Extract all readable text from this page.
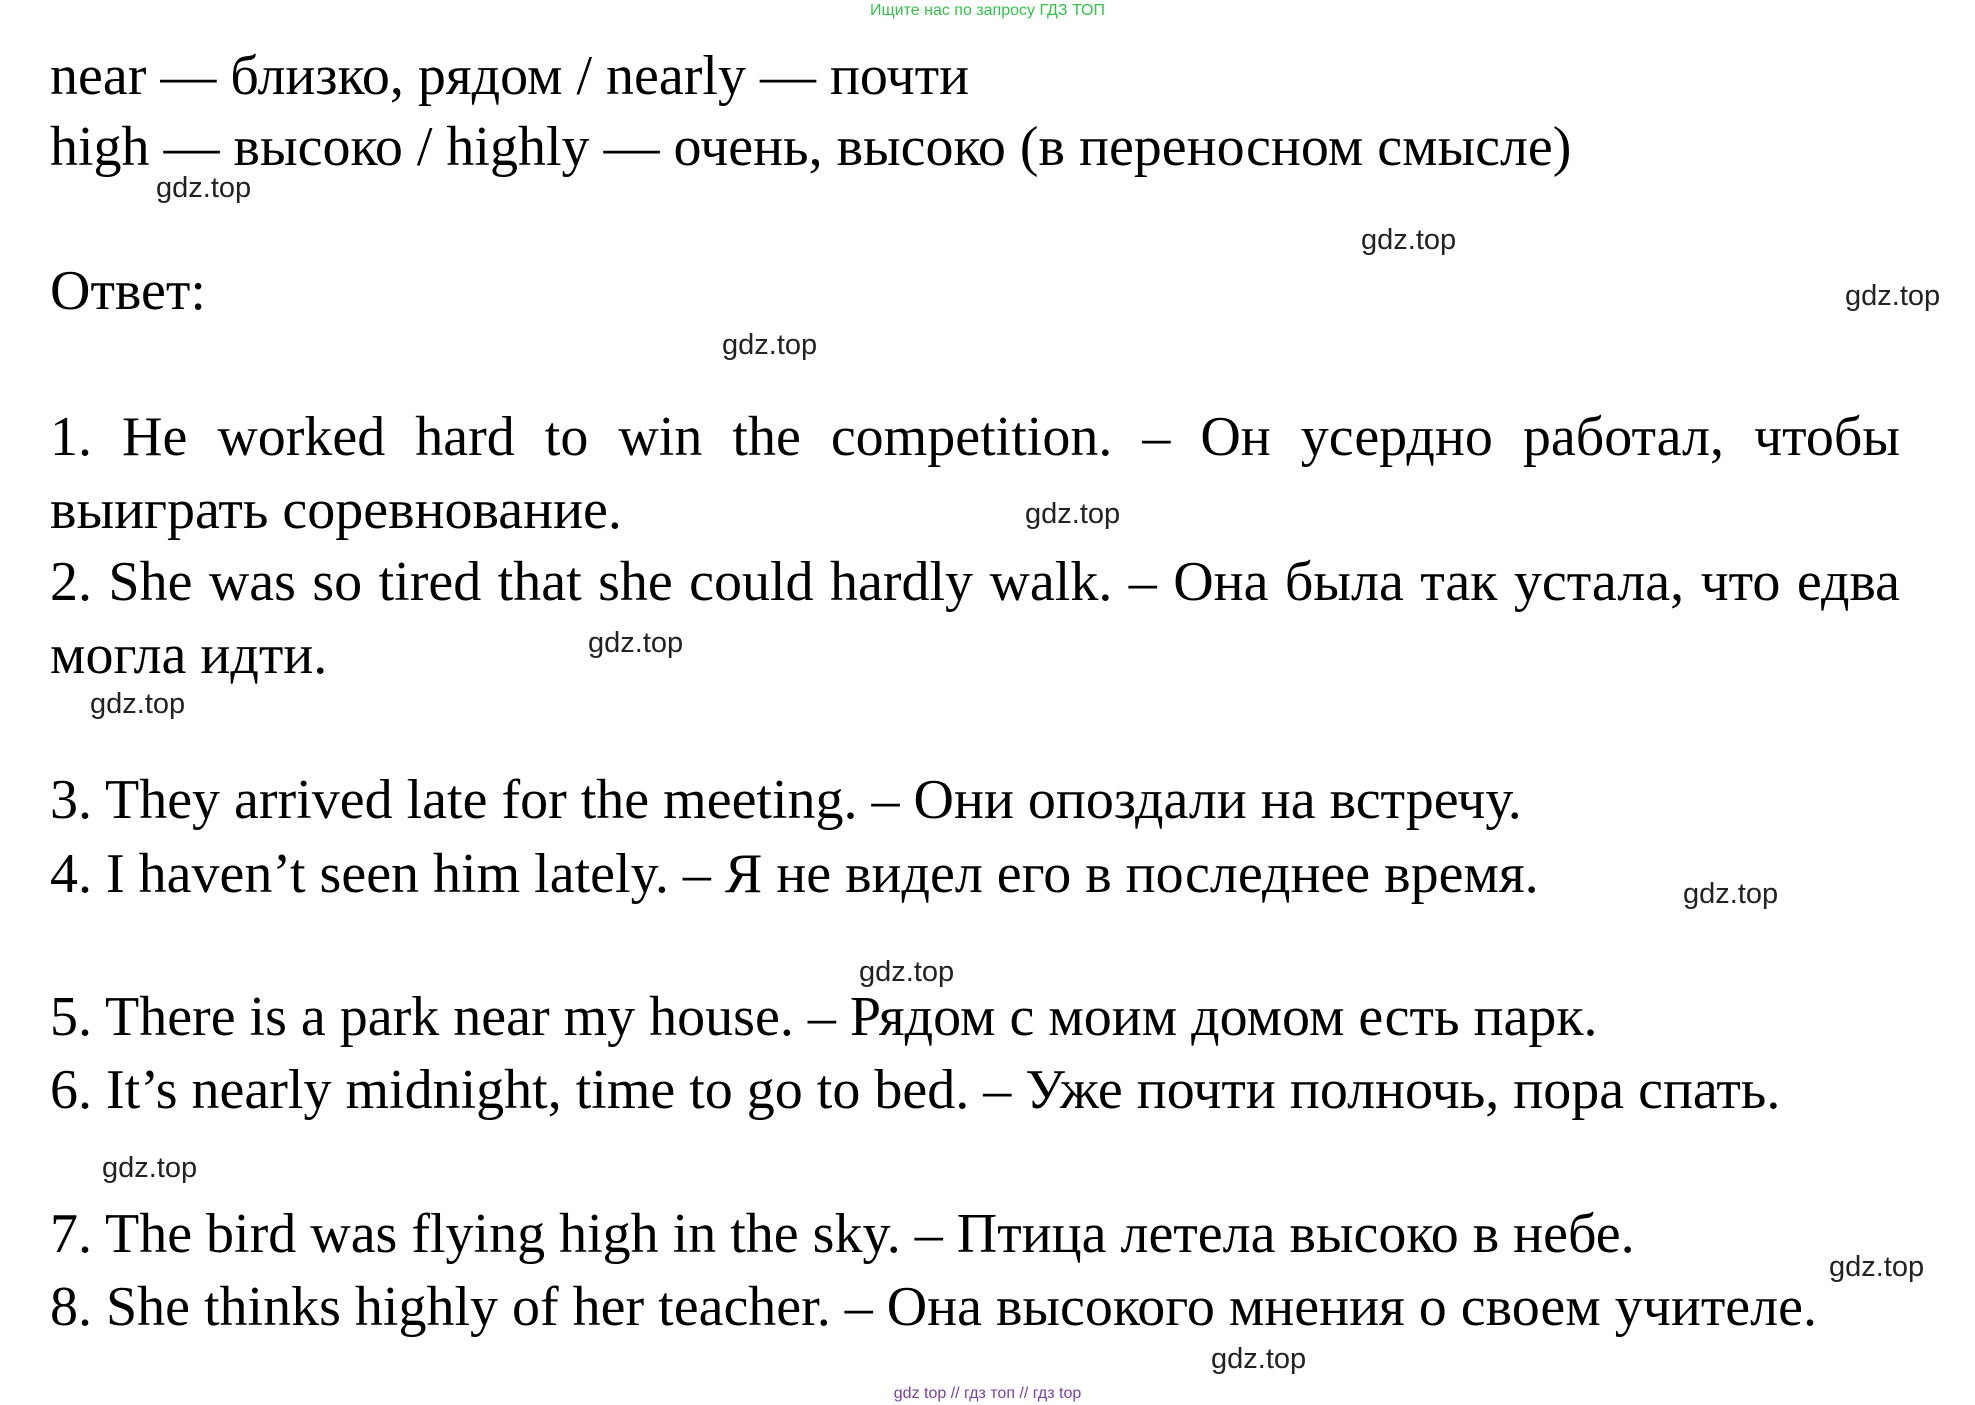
Ищите нас по запросу ГДЗ ТОП
near — близко, рядом / nearly — почти
high — высоко / highly — очень, высоко (в переносном смысле)
Ответ:
1. He worked hard to win the competition. – Он усердно работал, чтобы выиграть соревнование.
2. She was so tired that she could hardly walk. – Она была так устала, что едва могла идти.
3. They arrived late for the meeting. – Они опоздали на встречу.
4. I haven’t seen him lately. – Я не видел его в последнее время.
5. There is a park near my house. – Рядом с моим домом есть парк.
6. It’s nearly midnight, time to go to bed. – Уже почти полночь, пора спать.
7. The bird was flying high in the sky. – Птица летела высоко в небе.
8. She thinks highly of her teacher. – Она высокого мнения о своем учителе.
gdz.top
gdz.top
gdz.top
gdz.top
gdz.top
gdz.top
gdz.top
gdz.top
gdz.top
gdz.top
gdz.top
gdz.top
gdz top // гдз топ // гдз top
